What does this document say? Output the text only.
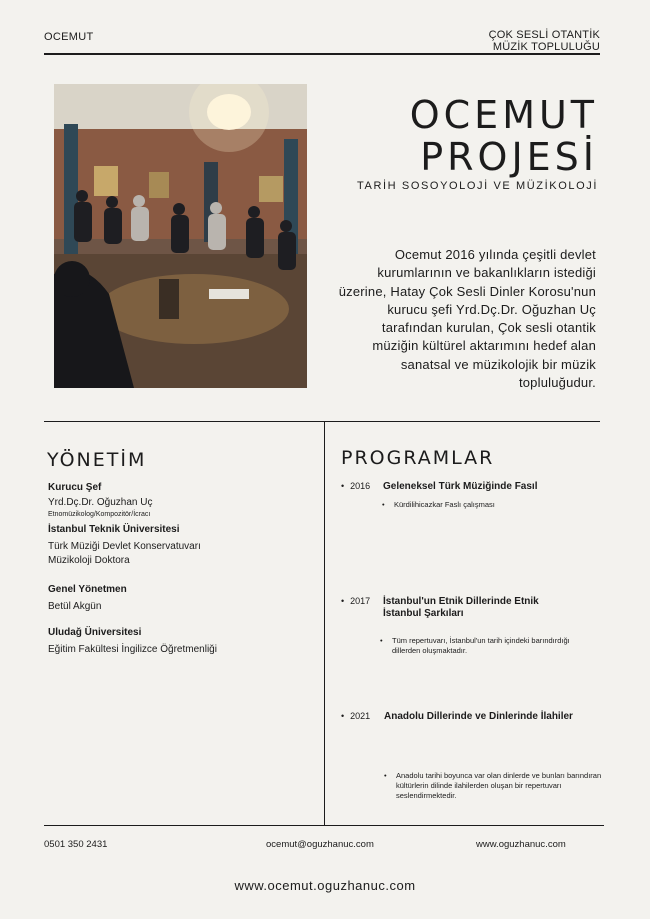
OCEMUT	ÇOK SESLİ OTANTİK
MÜZİK TOPLULUĞU
OCEMUT
PROJESİ
TARİH SOSOYOLOJİ VE MÜZİKOLOJİ
Ocemut 2016 yılında çeşitli devlet kurumlarının ve bakanlıkların istediği üzerine, Hatay Çok Sesli Dinler Korosu'nun kurucu şefi Yrd.Dç.Dr. Oğuzhan Uç tarafından kurulan, Çok sesli otantik müziğin kültürel aktarımını hedef alan sanatsal ve müzikolojik bir müzik topluluğudur.
YÖNETİM
Kurucu Şef
Yrd.Dç.Dr. Oğuzhan Uç
Etnomüzikolog/Kompozitör/İcracı
İstanbul Teknik Üniversitesi
Türk Müziği Devlet Konservatuvarı
Müzikoloji Doktora
Genel Yönetmen
Betül Akgün
Uludağ Üniversitesi
Eğitim Fakültesi İngilizce Öğretmenliği
PROGRAMLAR
• 2016 Geleneksel Türk Müziğinde Fasıl
• Kürdilihicazkar Faslı çalışması
• 2017 İstanbul'un Etnik Dillerinde Etnik İstanbul Şarkıları
• Tüm repertuvarı, İstanbul'un tarih içindeki barındırdığı dillerden oluşmaktadır.
• 2021 Anadolu Dillerinde ve Dinlerinde İlahiler
• Anadolu tarihi boyunca var olan dinlerde ve bunları barındıran kültürlerin dilinde ilahilerden oluşan bir repertuvarı seslendirmektedir.
0501 350 2431	ocemut@oguzhanuc.com	www.oguzhanuc.com
www.ocemut.oguzhanuc.com
